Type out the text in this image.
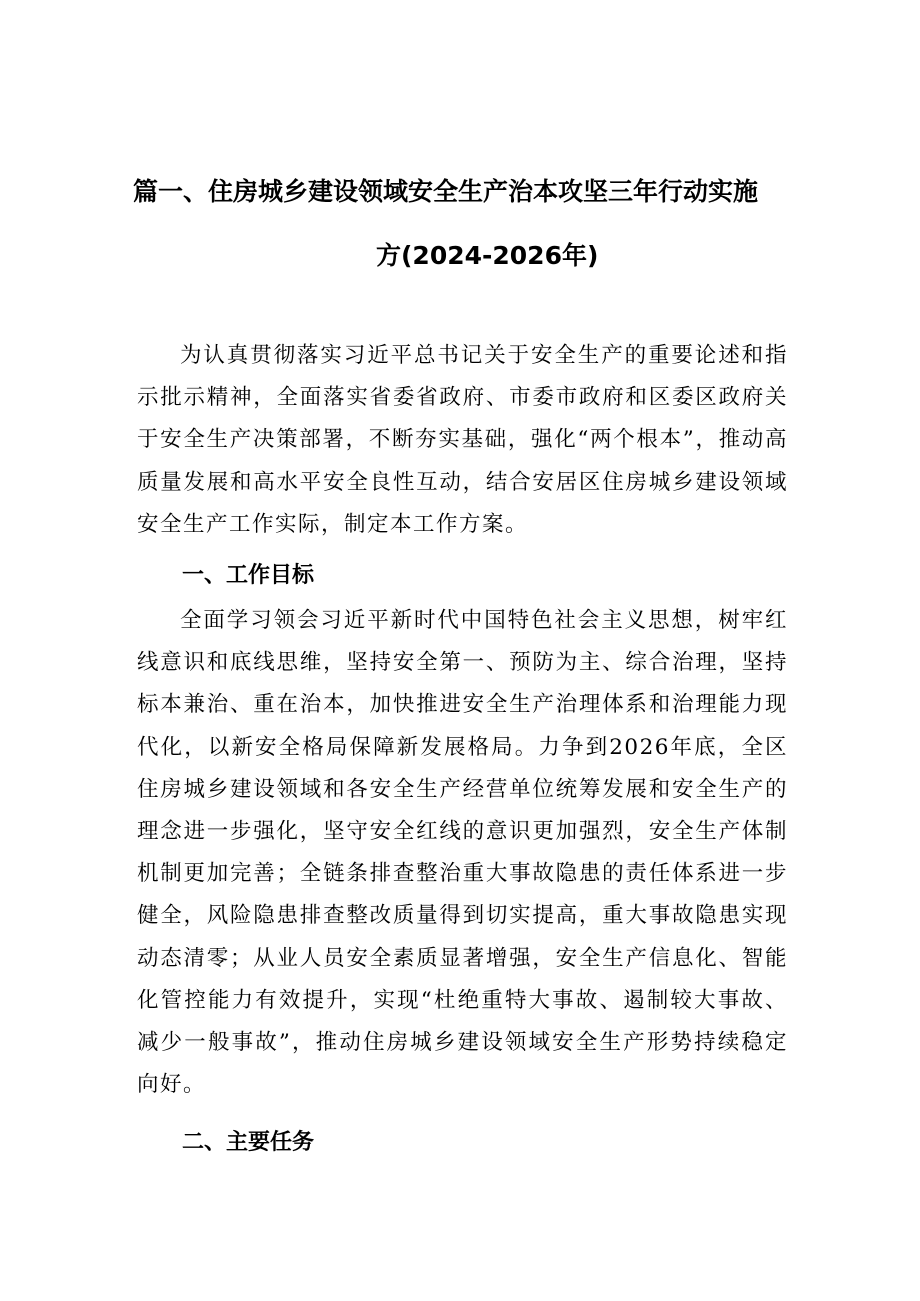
篇一、住房城乡建设领域安全生产治本攻坚三年行动实施
方(2024-2026年)

为认真贯彻落实习近平总书记关于安全生产的重要论述和指示批示精神，全面落实省委省政府、市委市政府和区委区政府关于安全生产决策部署，不断夯实基础，强化“两个根本”，推动高质量发展和高水平安全良性互动，结合安居区住房城乡建设领域安全生产工作实际，制定本工作方案。

一、工作目标

全面学习领会习近平新时代中国特色社会主义思想，树牢红线意识和底线思维，坚持安全第一、预防为主、综合治理，坚持标本兼治、重在治本，加快推进安全生产治理体系和治理能力现代化，以新安全格局保障新发展格局。力争到2026年底，全区住房城乡建设领域和各安全生产经营单位统筹发展和安全生产的理念进一步强化，坚守安全红线的意识更加强烈，安全生产体制机制更加完善；全链条排查整治重大事故隐患的责任体系进一步健全，风险隐患排查整改质量得到切实提高，重大事故隐患实现动态清零；从业人员安全素质显著增强，安全生产信息化、智能化管控能力有效提升，实现“杜绝重特大事故、遏制较大事故、减少一般事故”，推动住房城乡建设领域安全生产形势持续稳定向好。

二、主要任务
